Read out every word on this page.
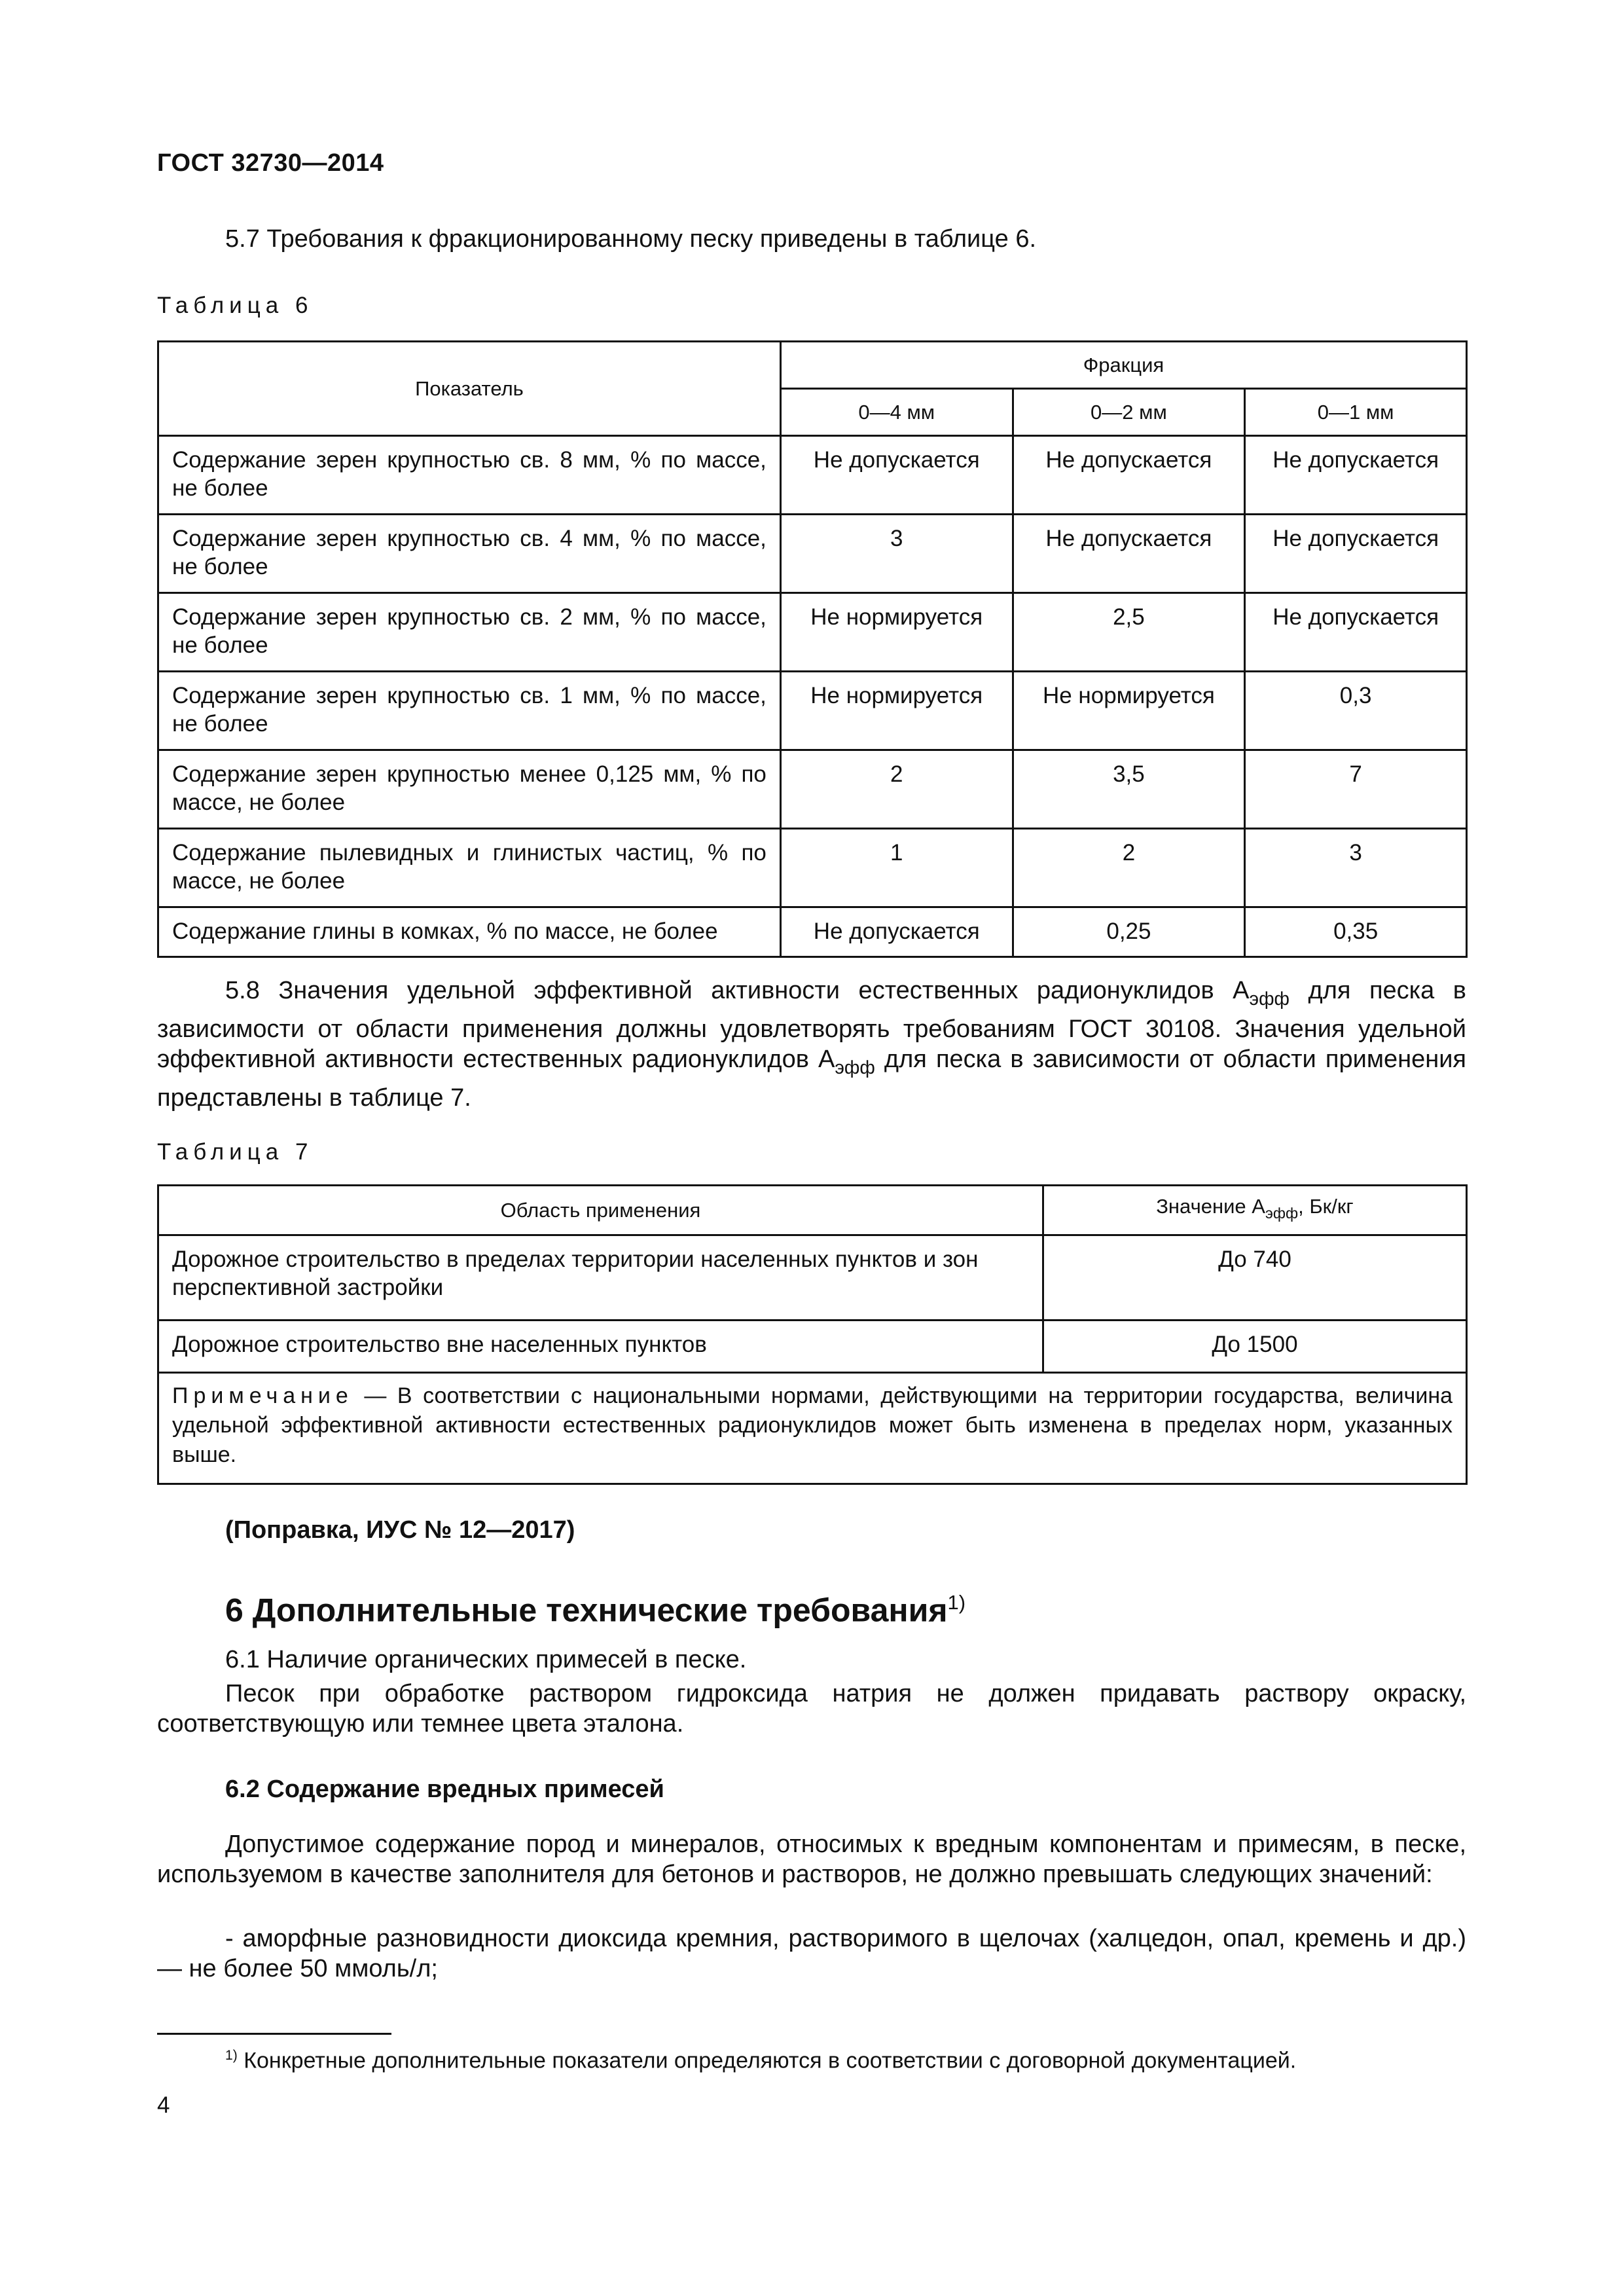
ГОСТ 32730—2014
5.7 Требования к фракционированному песку приведены в таблице 6.
Таблица 6
Показатель	Фракция		
	0—4 мм	0—2 мм	0—1 мм
Содержание зерен крупностью св. 8 мм, % по массе, не более	Не допускается	Не допускается	Не допускается
Содержание зерен крупностью св. 4 мм, % по массе, не более	3	Не допускается	Не допускается
Содержание зерен крупностью св. 2 мм, % по массе, не более	Не нормируется	2,5	Не допускается
Содержание зерен крупностью св. 1 мм, % по массе, не более	Не нормируется	Не нормируется	0,3
Содержание зерен крупностью менее 0,125 мм, % по массе, не более	2	3,5	7
Содержание пылевидных и глинистых частиц, % по массе, не более	1	2	3
Содержание глины в комках, % по массе, не более	Не допускается	0,25	0,35
5.8 Значения удельной эффективной активности естественных радионуклидов $А_{эфф}$ для песка в зависимости от области применения должны удовлетворять требованиям ГОСТ 30108. Значения удельной эффективной активности естественных радионуклидов $А_{эфф}$ для песка в зависимости от области применения представлены в таблице 7.
Таблица 7
Область применения	Значение $А_{эфф}$, Бк/кг
Дорожное строительство в пределах территории населенных пунктов и зон перспективной застройки	До 740
Дорожное строительство вне населенных пунктов	До 1500
Примечание — В соответствии с национальными нормами, действующими на территории государства, величина удельной эффективной активности естественных радионуклидов может быть изменена в пределах норм, указанных выше.	
(Поправка, ИУС № 12—2017)
6 Дополнительные технические требования$^{1)}$
6.1 Наличие органических примесей в песке.
Песок при обработке раствором гидроксида натрия не должен придавать раствору окраску, соответствующую или темнее цвета эталона.
6.2 Содержание вредных примесей
Допустимое содержание пород и минералов, относимых к вредным компонентам и примесям, в песке, используемом в качестве заполнителя для бетонов и растворов, не должно превышать следующих значений:
- аморфные разновидности диоксида кремния, растворимого в щелочах (халцедон, опал, кремень и др.) — не более 50 ммоль/л;
$^{1)}$ Конкретные дополнительные показатели определяются в соответствии с договорной документацией.
4
